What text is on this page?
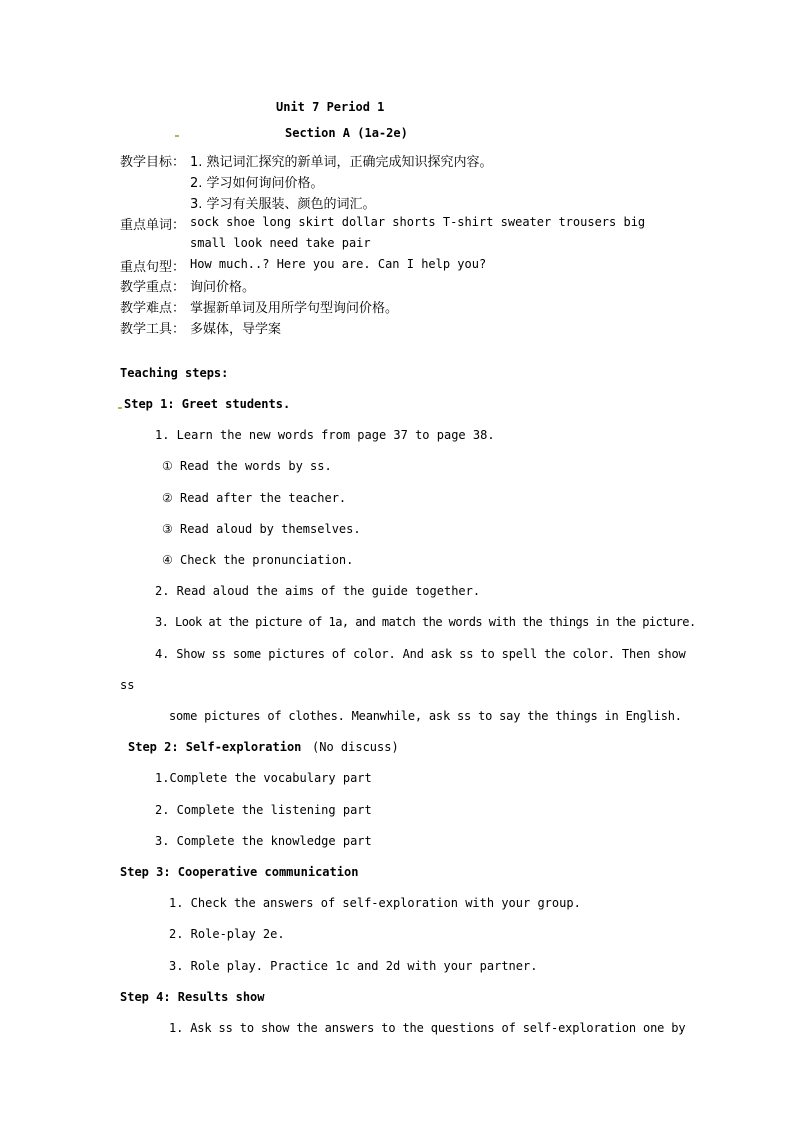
Unit 7 Period 1
Section A (1a-2e)
教学目标： 1. 熟记词汇探究的新单词，正确完成知识探究内容。
2. 学习如何询问价格。
3. 学习有关服装、颜色的词汇。
重点单词： sock shoe long skirt dollar shorts T-shirt sweater trousers big
small look need take pair
重点句型： How much..? Here you are. Can I help you?
教学重点： 询问价格。
教学难点： 掌握新单词及用所学句型询问价格。
教学工具： 多媒体，导学案
Teaching steps:
Step 1: Greet students.
1. Learn the new words from page 37 to page 38.
① Read the words by ss.
② Read after the teacher.
③ Read aloud by themselves.
④ Check the pronunciation.
2. Read aloud the aims of the guide together.
3. Look at the picture of 1a, and match the words with the things in the picture.
4. Show ss some pictures of color. And ask ss to spell the color. Then show
ss
some pictures of clothes. Meanwhile, ask ss to say the things in English.
Step 2: Self-exploration (No discuss)
1.Complete the vocabulary part
2. Complete the listening part
3. Complete the knowledge part
Step 3: Cooperative communication
1. Check the answers of self-exploration with your group.
2. Role-play 2e.
3. Role play. Practice 1c and 2d with your partner.
Step 4: Results show
1. Ask ss to show the answers to the questions of self-exploration one by
